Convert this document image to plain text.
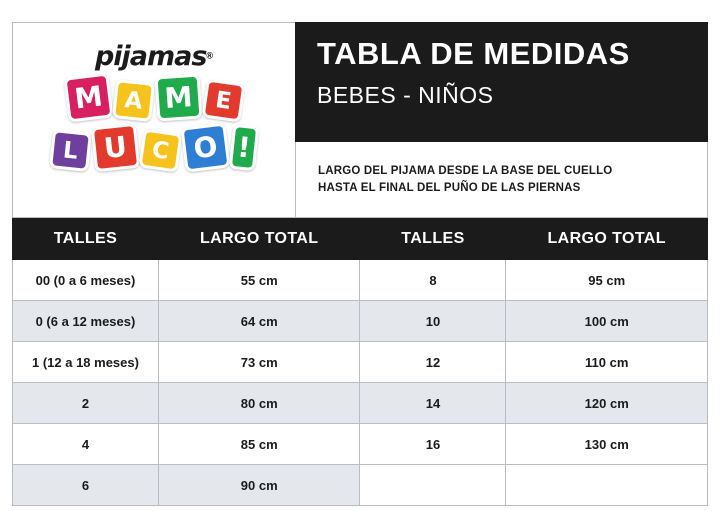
pijamas®
M A M E
L U C O !
TABLA DE MEDIDAS
BEBES - NIÑOS
LARGO DEL PIJAMA DESDE LA BASE DEL CUELLO
HASTA EL FINAL DEL PUÑO DE LAS PIERNAS
TALLES	LARGO TOTAL	TALLES	LARGO TOTAL
00 (0 a 6 meses)	55 cm	8	95 cm
0 (6 a 12 meses)	64 cm	10	100 cm
1 (12 a 18 meses)	73 cm	12	110 cm
2	80 cm	14	120 cm
4	85 cm	16	130 cm
6	90 cm		
